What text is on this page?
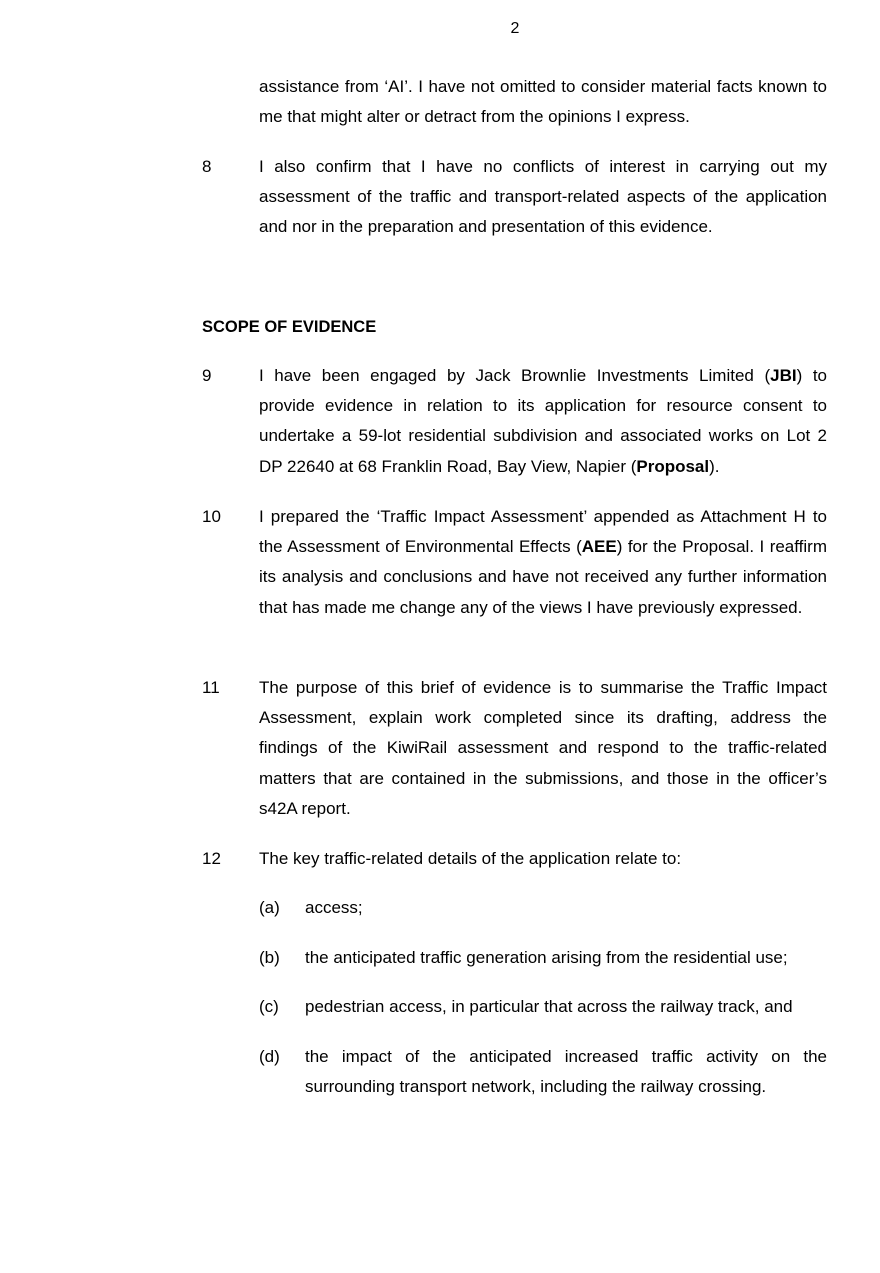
2
assistance from ‘AI’. I have not omitted to consider material facts known to me that might alter or detract from the opinions I express.
8	I also confirm that I have no conflicts of interest in carrying out my assessment of the traffic and transport-related aspects of the application and nor in the preparation and presentation of this evidence.
SCOPE OF EVIDENCE
9	I have been engaged by Jack Brownlie Investments Limited (JBI) to provide evidence in relation to its application for resource consent to undertake a 59-lot residential subdivision and associated works on Lot 2 DP 22640 at 68 Franklin Road, Bay View, Napier (Proposal).
10 I prepared the ‘Traffic Impact Assessment’ appended as Attachment H to the Assessment of Environmental Effects (AEE) for the Proposal. I reaffirm its analysis and conclusions and have not received any further information that has made me change any of the views I have previously expressed.
11 The purpose of this brief of evidence is to summarise the Traffic Impact Assessment, explain work completed since its drafting, address the findings of the KiwiRail assessment and respond to the traffic-related matters that are contained in the submissions, and those in the officer’s s42A report.
12 The key traffic-related details of the application relate to:
(a) access;
(b) the anticipated traffic generation arising from the residential use;
(c) pedestrian access, in particular that across the railway track, and
(d) the impact of the anticipated increased traffic activity on the surrounding transport network, including the railway crossing.
